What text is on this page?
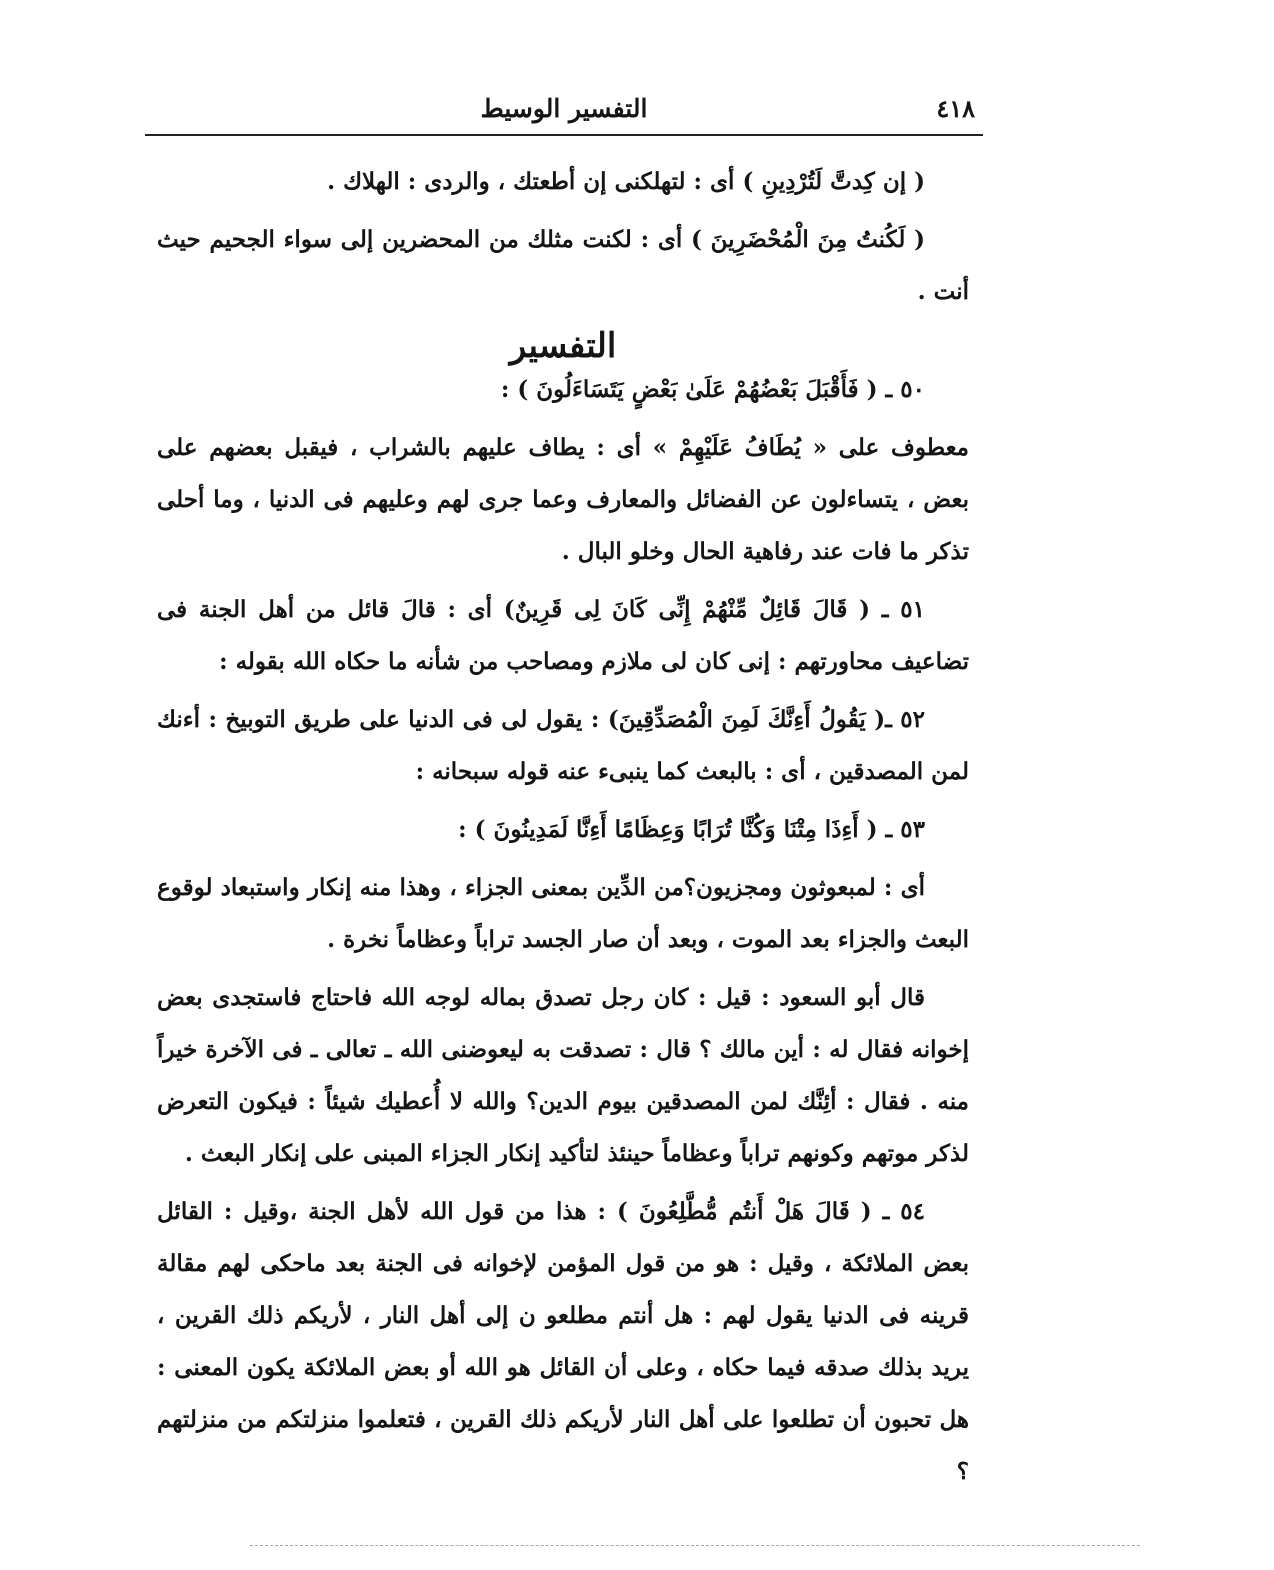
التفسير الوسيط	٤١٨

( إن كِدتَّ لَتُرْدِينِ ) أى : لتهلكنى إن أطعتك ، والردى : الهلاك .

( لَكُنتُ مِنَ الْمُحْضَرِينَ ) أى : لكنت مثلك من المحضرين إلى سواء الجحيم حيث أنت .

التفسير

٥٠ ـ ( فَأَقْبَلَ بَعْضُهُمْ عَلَىٰ بَعْضٍ يَتَسَاءَلُونَ ) :

معطوف على « يُطَافُ عَلَيْهِمْ » أى : يطاف عليهم بالشراب ، فيقبل بعضهم على بعض ، يتساءلون عن الفضائل والمعارف وعما جرى لهم وعليهم فى الدنيا ، وما أحلى تذكر ما فات عند رفاهية الحال وخلو البال .

٥١ ـ ( قَالَ قَائِلٌ مِّنْهُمْ إِنِّى كَانَ لِى قَرِينٌ) أى : قالَ قائل من أهل الجنة فى تضاعيف محاورتهم : إنى كان لى ملازم ومصاحب من شأنه ما حكاه الله بقوله :

٥٢ ـ( يَقُولُ أَءِنَّكَ لَمِنَ الْمُصَدِّقِينَ) : يقول لى فى الدنيا على طريق التوبيخ : أءنك لمن المصدقين ، أى : بالبعث كما ينبىء عنه قوله سبحانه :

٥٣ ـ ( أَءِذَا مِتْنَا وَكُنَّا تُرَابًا وَعِظَامًا أَءِنَّا لَمَدِينُونَ ) :

أى : لمبعوثون ومجزيون؟من الدِّين بمعنى الجزاء ، وهذا منه إنكار واستبعاد لوقوع البعث والجزاء بعد الموت ، وبعد أن صار الجسد تراباً وعظاماً نخرة .

قال أبو السعود : قيل : كان رجل تصدق بماله لوجه الله فاحتاج فاستجدى بعض إخوانه فقال له : أين مالك ؟ قال : تصدقت به ليعوضنى الله ـ تعالى ـ فى الآخرة خيراً منه . فقال : أئِنَّك لمن المصدقين بيوم الدين؟ والله لا أُعطيك شيئاً : فيكون التعرض لذكر موتهم وكونهم تراباً وعظاماً حينئذ لتأكيد إنكار الجزاء المبنى على إنكار البعث .

٥٤ ـ ( قَالَ هَلْ أَنتُم مُّطَّلِعُونَ ) : هذا من قول الله لأهل الجنة ،وقيل : القائل بعض الملائكة ، وقيل : هو من قول المؤمن لإخوانه فى الجنة بعد ماحكى لهم مقالة قرينه فى الدنيا يقول لهم : هل أنتم مطلعو ن إلى أهل النار ، لأريكم ذلك القرين ، يريد بذلك صدقه فيما حكاه ، وعلى أن القائل هو الله أو بعض الملائكة يكون المعنى : هل تحبون أن تطلعوا على أهل النار لأريكم ذلك القرين ، فتعلموا منزلتكم من منزلتهم ؟
